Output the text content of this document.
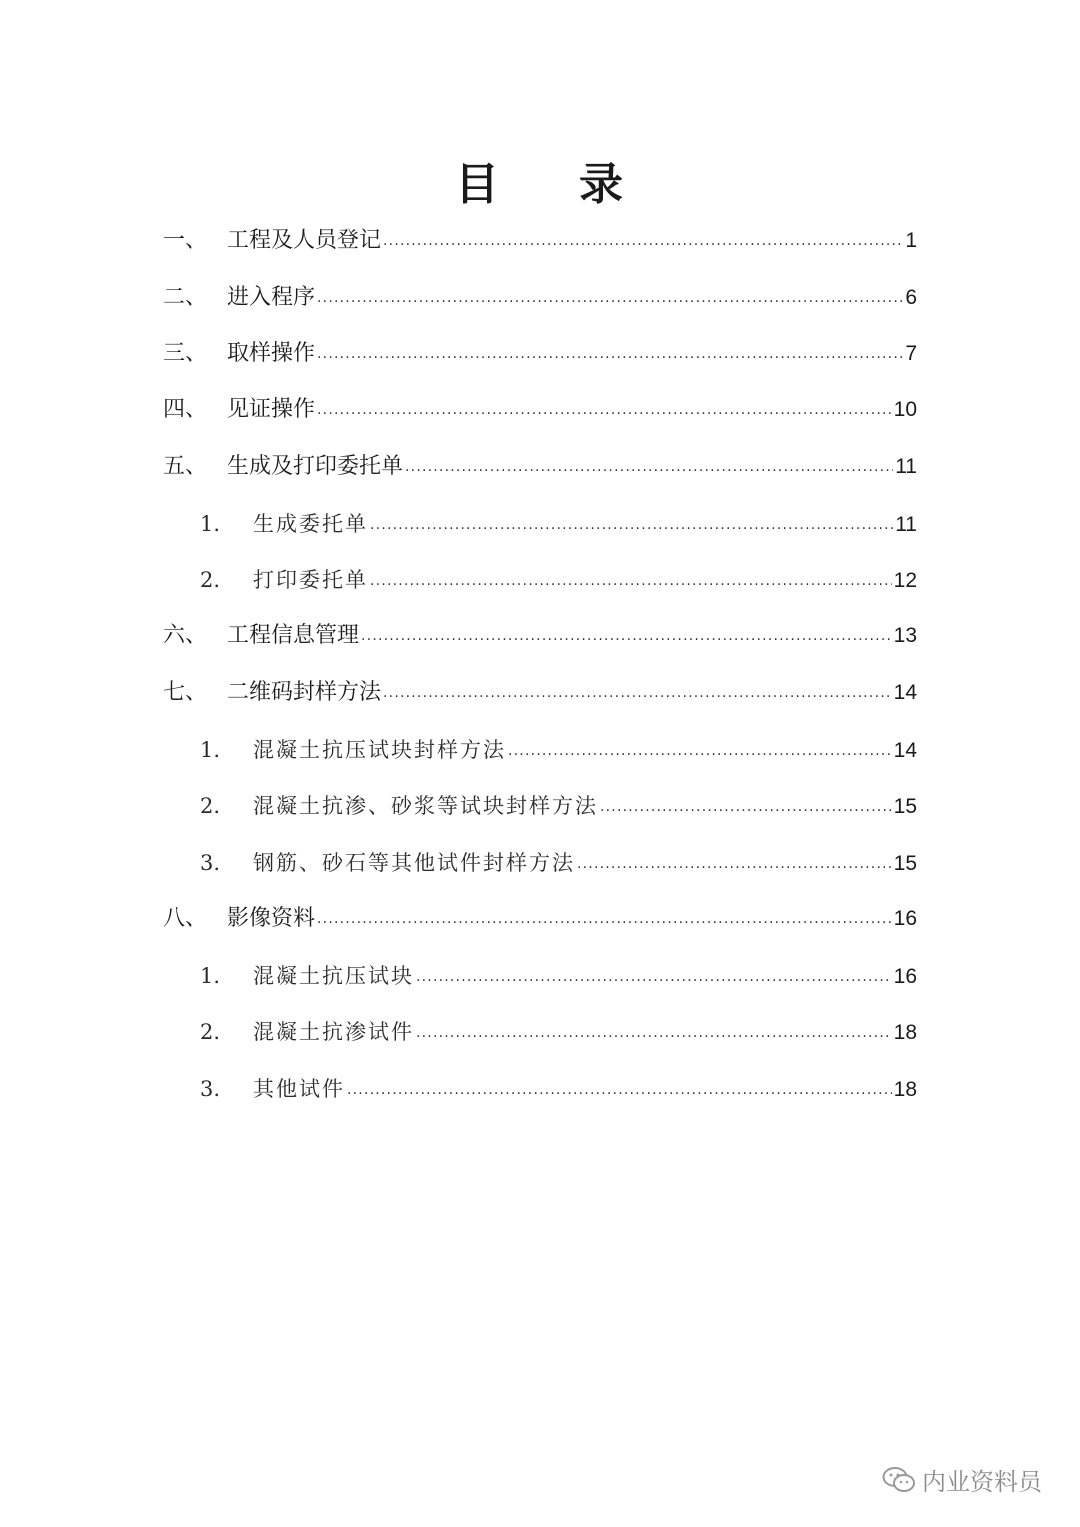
目 录
一、 工程及人员登记 .....	1
二、 进入程序 .....	6
三、 取样操作 .....	7
四、 见证操作 .....	10
五、 生成及打印委托单 .....	11
1.	生成委托单 .....	11
2.	打印委托单 .....	12
六、 工程信息管理 .....	13
七、 二维码封样方法 .....	14
1.	混凝土抗压试块封样方法 .....	14
2.	混凝土抗渗、砂浆等试块封样方法 .....	15
3.	钢筋、砂石等其他试件封样方法 .....	15
八、 影像资料 .....	16
1.	混凝土抗压试块 .....	16
2.	混凝土抗渗试件 .....	18
3.	其他试件 .....	18
内业资料员
